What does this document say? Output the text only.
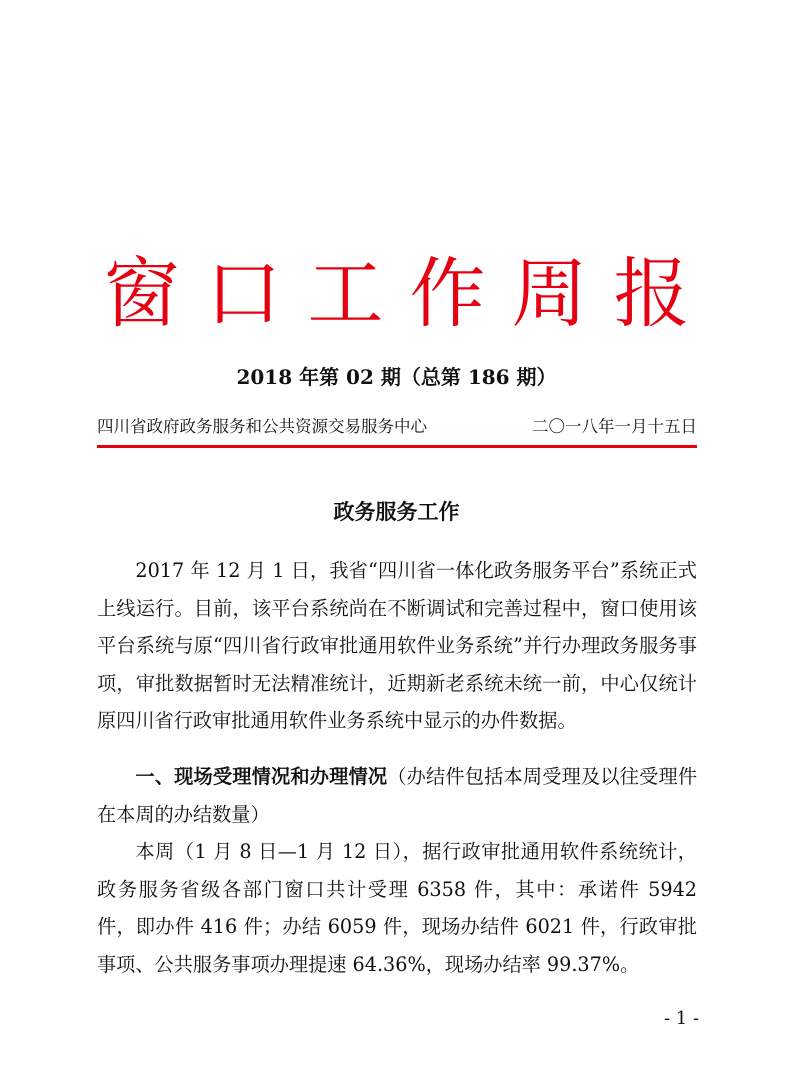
窗口工作周报
2018 年第 02 期（总第 186 期）
四川省政府政务服务和公共资源交易服务中心	二〇一八年一月十五日
政务服务工作

2017 年 12 月 1 日，我省“四川省一体化政务服务平台”系统正式上线运行。目前，该平台系统尚在不断调试和完善过程中，窗口使用该平台系统与原“四川省行政审批通用软件业务系统”并行办理政务服务事项，审批数据暂时无法精准统计，近期新老系统未统一前，中心仅统计原四川省行政审批通用软件业务系统中显示的办件数据。

一、现场受理情况和办理情况（办结件包括本周受理及以往受理件在本周的办结数量）

本周（1 月 8 日—1 月 12 日），据行政审批通用软件系统统计，政务服务省级各部门窗口共计受理 6358 件，其中：承诺件 5942 件，即办件 416 件；办结 6059 件，现场办结件 6021 件，行政审批事项、公共服务事项办理提速 64.36%，现场办结率 99.37%。

- 1 -
